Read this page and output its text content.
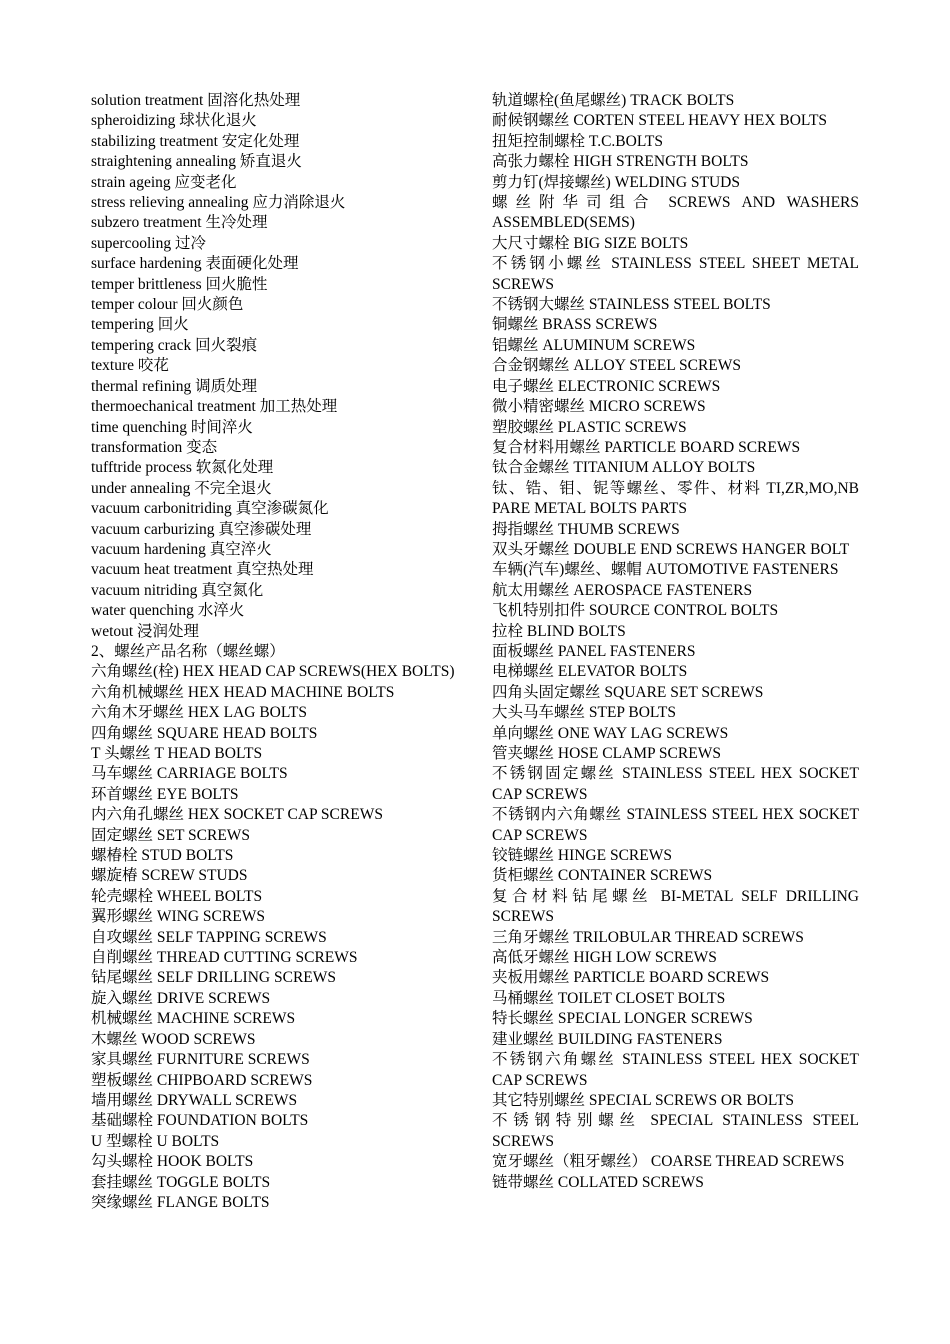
solution treatment 固溶化热处理

spheroidizing 球状化退火

stabilizing treatment 安定化处理

straightening annealing 矫直退火

strain ageing 应变老化

stress relieving annealing 应力消除退火

subzero treatment 生冷处理

supercooling 过冷

surface hardening 表面硬化处理

temper brittleness 回火脆性

temper colour 回火颜色

tempering 回火

tempering crack 回火裂痕

texture 咬花

thermal refining 调质处理

thermoechanical treatment 加工热处理

time quenching 时间淬火

transformation 变态

tufftride process 软氮化处理

under annealing 不完全退火

vacuum carbonitriding 真空渗碳氮化

vacuum carburizing 真空渗碳处理

vacuum hardening 真空淬火

vacuum heat treatment 真空热处理

vacuum nitriding 真空氮化

water quenching 水淬火

wetout 浸润处理

2、螺丝产品名称（螺丝螺）

六角螺丝(栓) HEX HEAD CAP SCREWS(HEX BOLTS)

六角机械螺丝 HEX HEAD MACHINE BOLTS

六角木牙螺丝 HEX LAG BOLTS

四角螺丝 SQUARE HEAD BOLTS

T 头螺丝 T HEAD BOLTS

马车螺丝 CARRIAGE BOLTS

环首螺丝 EYE BOLTS

内六角孔螺丝 HEX SOCKET CAP SCREWS

固定螺丝 SET SCREWS

螺椿栓 STUD BOLTS

螺旋椿 SCREW STUDS

轮壳螺栓 WHEEL BOLTS

翼形螺丝 WING SCREWS

自攻螺丝 SELF TAPPING SCREWS

自削螺丝 THREAD CUTTING SCREWS

钻尾螺丝 SELF DRILLING SCREWS

旋入螺丝 DRIVE SCREWS

机械螺丝 MACHINE SCREWS

木螺丝 WOOD SCREWS

家具螺丝 FURNITURE SCREWS

塑板螺丝 CHIPBOARD SCREWS

墙用螺丝 DRYWALL SCREWS

基础螺栓 FOUNDATION BOLTS

U 型螺栓 U BOLTS

勾头螺栓 HOOK BOLTS

套挂螺丝 TOGGLE BOLTS

突缘螺丝 FLANGE BOLTS

轨道螺栓(鱼尾螺丝) TRACK BOLTS

耐候钢螺丝 CORTEN STEEL HEAVY HEX BOLTS

扭矩控制螺栓 T.C.BOLTS

高张力螺栓 HIGH STRENGTH BOLTS

剪力钉(焊接螺丝) WELDING STUDS

螺丝附华司组合 SCREWS AND WASHERS ASSEMBLED(SEMS)

大尺寸螺栓 BIG SIZE BOLTS

不锈钢小螺丝 STAINLESS STEEL SHEET METAL SCREWS

不锈钢大螺丝 STAINLESS STEEL BOLTS

铜螺丝 BRASS SCREWS

铝螺丝 ALUMINUM SCREWS

合金钢螺丝 ALLOY STEEL SCREWS

电子螺丝 ELECTRONIC SCREWS

微小精密螺丝 MICRO SCREWS

塑胶螺丝 PLASTIC SCREWS

复合材料用螺丝 PARTICLE BOARD SCREWS

钛合金螺丝 TITANIUM ALLOY BOLTS

钛、锆、钼、铌等螺丝、零件、材料 TI,ZR,MO,NB PARE METAL BOLTS PARTS

拇指螺丝 THUMB SCREWS

双头牙螺丝 DOUBLE END SCREWS HANGER BOLT

车辆(汽车)螺丝、螺帽 AUTOMOTIVE FASTENERS

航太用螺丝 AEROSPACE FASTENERS

飞机特别扣件 SOURCE CONTROL BOLTS

拉栓 BLIND BOLTS

面板螺丝 PANEL FASTENERS

电梯螺丝 ELEVATOR BOLTS

四角头固定螺丝 SQUARE SET SCREWS

大头马车螺丝 STEP BOLTS

单向螺丝 ONE WAY LAG SCREWS

管夹螺丝 HOSE CLAMP SCREWS

不锈钢固定螺丝 STAINLESS STEEL HEX SOCKET CAP SCREWS

不锈钢内六角螺丝 STAINLESS STEEL HEX SOCKET CAP SCREWS

铰链螺丝 HINGE SCREWS

货柜螺丝 CONTAINER SCREWS

复合材料钻尾螺丝 BI-METAL SELF DRILLING SCREWS

三角牙螺丝 TRILOBULAR THREAD SCREWS

高低牙螺丝 HIGH LOW SCREWS

夹板用螺丝 PARTICLE BOARD SCREWS

马桶螺丝 TOILET CLOSET BOLTS

特长螺丝 SPECIAL LONGER SCREWS

建业螺丝 BUILDING FASTENERS

不锈钢六角螺丝 STAINLESS STEEL HEX SOCKET CAP SCREWS

其它特别螺丝 SPECIAL SCREWS OR BOLTS

不锈钢特别螺丝 SPECIAL STAINLESS STEEL SCREWS

宽牙螺丝（粗牙螺丝） COARSE THREAD SCREWS

链带螺丝 COLLATED SCREWS
